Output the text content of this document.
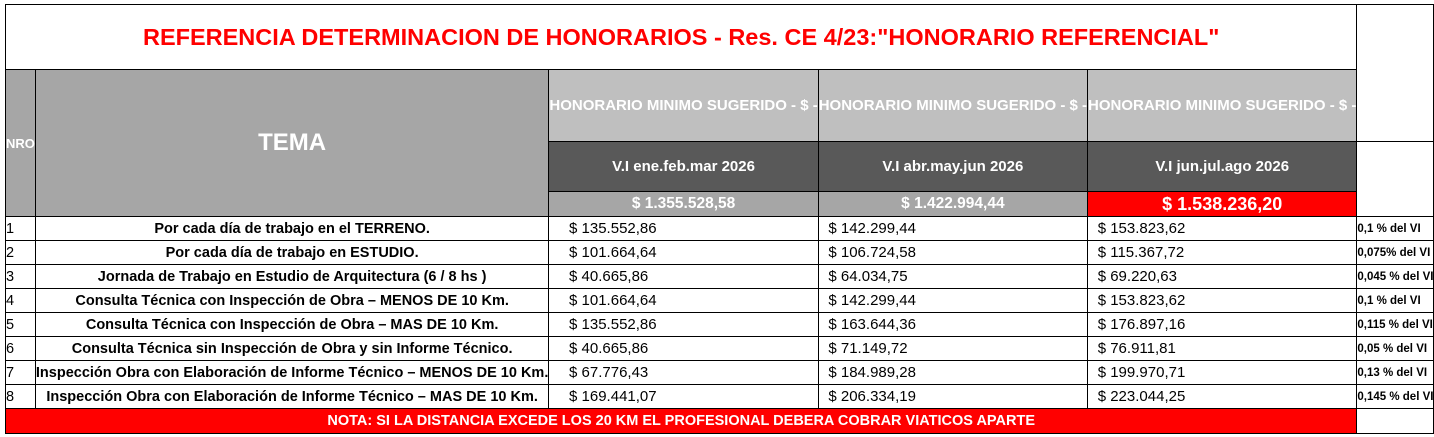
REFERENCIA DETERMINACION DE HONORARIOS - Res. CE 4/23:"HONORARIO REFERENCIAL"					
NRO	TEMA	HONORARIO MINIMO SUGERIDO - $ -	HONORARIO MINIMO SUGERIDO - $ -	HONORARIO MINIMO SUGERIDO - $ -	
		V.I ene.feb.mar 2026	V.I abr.may.jun 2026	V.I jun.jul.ago 2026	
		$ 1.355.528,58	$ 1.422.994,44	$ 1.538.236,20	
1	Por cada día de trabajo en el TERRENO.	$ 135.552,86	$ 142.299,44	$ 153.823,62	0,1 % del VI
2	Por cada día de trabajo en ESTUDIO.	$ 101.664,64	$ 106.724,58	$ 115.367,72	0,075% del VI
3	Jornada de Trabajo en Estudio de Arquitectura (6 / 8 hs )	$ 40.665,86	$ 64.034,75	$ 69.220,63	0,045 % del VI
4	Consulta Técnica con Inspección de Obra – MENOS DE 10 Km.	$ 101.664,64	$ 142.299,44	$ 153.823,62	0,1 % del VI
5	Consulta Técnica con Inspección de Obra – MAS DE 10 Km.	$ 135.552,86	$ 163.644,36	$ 176.897,16	0,115 % del VI
6	Consulta Técnica sin Inspección de Obra y sin Informe Técnico.	$ 40.665,86	$ 71.149,72	$ 76.911,81	0,05 % del VI
7	Inspección Obra con Elaboración de Informe Técnico – MENOS DE 10 Km.	$ 67.776,43	$ 184.989,28	$ 199.970,71	0,13 % del VI
8	Inspección Obra con Elaboración de Informe Técnico – MAS DE 10 Km.	$ 169.441,07	$ 206.334,19	$ 223.044,25	0,145 % del VI
NOTA: SI LA DISTANCIA EXCEDE LOS 20 KM EL PROFESIONAL DEBERA COBRAR VIATICOS APARTE					
